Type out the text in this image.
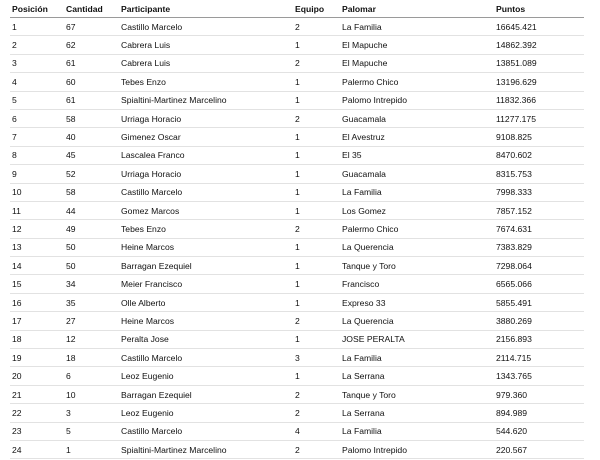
Posición	Cantidad	Participante	Equipo	Palomar	Puntos
1	67	Castillo Marcelo	2	La Familia	16645.421
2	62	Cabrera Luis	1	El Mapuche	14862.392
3	61	Cabrera Luis	2	El Mapuche	13851.089
4	60	Tebes Enzo	1	Palermo Chico	13196.629
5	61	Spialtini-Martinez Marcelino	1	Palomo Intrepido	11832.366
6	58	Urriaga Horacio	2	Guacamala	11277.175
7	40	Gimenez Oscar	1	El Avestruz	9108.825
8	45	Lascalea Franco	1	El 35	8470.602
9	52	Urriaga Horacio	1	Guacamala	8315.753
10	58	Castillo Marcelo	1	La Familia	7998.333
11	44	Gomez Marcos	1	Los Gomez	7857.152
12	49	Tebes Enzo	2	Palermo Chico	7674.631
13	50	Heine Marcos	1	La Querencia	7383.829
14	50	Barragan Ezequiel	1	Tanque y Toro	7298.064
15	34	Meier Francisco	1	Francisco	6565.066
16	35	Olle Alberto	1	Expreso 33	5855.491
17	27	Heine Marcos	2	La Querencia	3880.269
18	12	Peralta Jose	1	JOSE PERALTA	2156.893
19	18	Castillo Marcelo	3	La Familia	2114.715
20	6	Leoz Eugenio	1	La Serrana	1343.765
21	10	Barragan Ezequiel	2	Tanque y Toro	979.360
22	3	Leoz Eugenio	2	La Serrana	894.989
23	5	Castillo Marcelo	4	La Familia	544.620
24	1	Spialtini-Martinez Marcelino	2	Palomo Intrepido	220.567
